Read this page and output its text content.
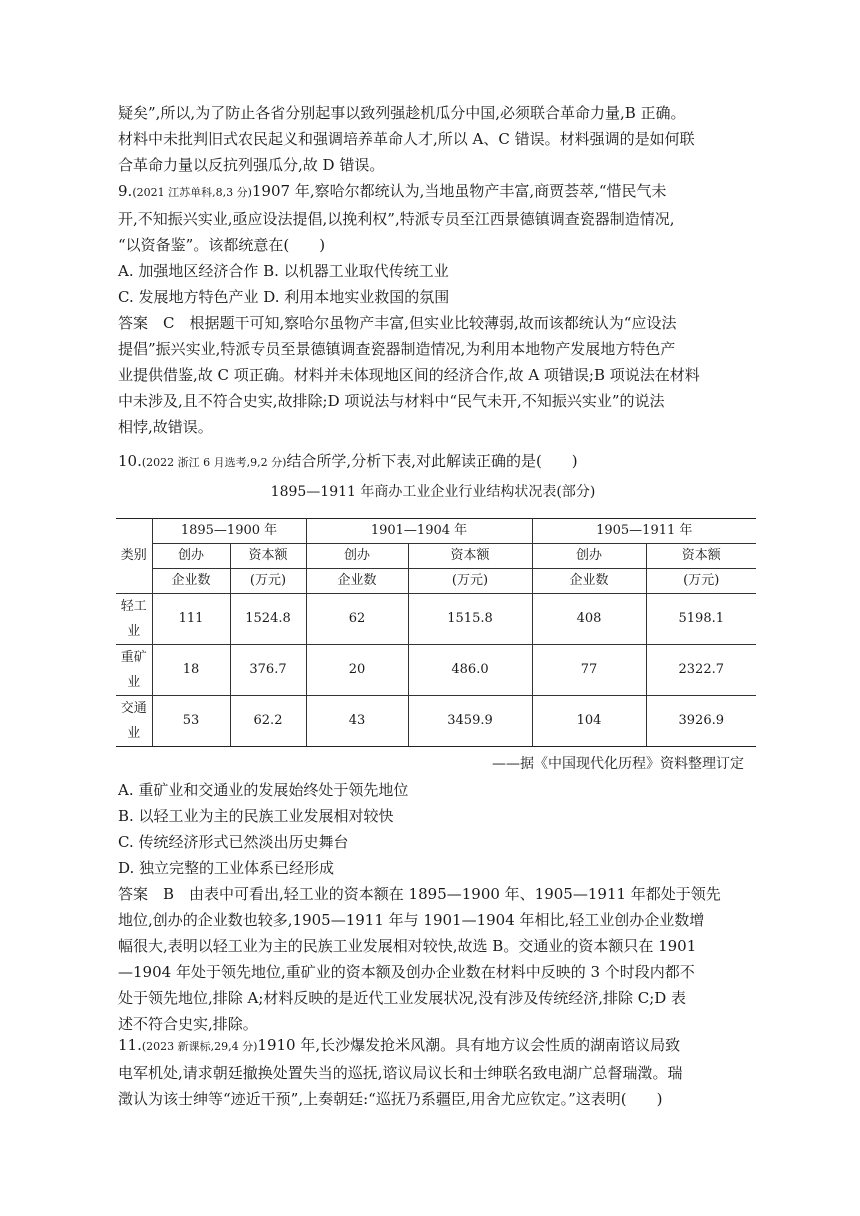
疑矣”,所以,为了防止各省分别起事以致列强趁机瓜分中国,必须联合革命力量,B 正确。

材料中未批判旧式农民起义和强调培养革命人才,所以 A、C 错误。材料强调的是如何联

合革命力量以反抗列强瓜分,故 D 错误。

9.(2021 江苏单科,8,3 分)1907 年,察哈尔都统认为,当地虽物产丰富,商贾荟萃,“惜民气未

开,不知振兴实业,亟应设法提倡,以挽利权”,特派专员至江西景德镇调查瓷器制造情况,

“以资备鉴”。该都统意在(　　)

A. 加强地区经济合作 B. 以机器工业取代传统工业

C. 发展地方特色产业 D. 利用本地实业救国的氛围

答案　C　根据题干可知,察哈尔虽物产丰富,但实业比较薄弱,故而该都统认为“应设法

提倡”振兴实业,特派专员至景德镇调查瓷器制造情况,为利用本地物产发展地方特色产

业提供借鉴,故 C 项正确。材料并未体现地区间的经济合作,故 A 项错误;B 项说法在材料

中未涉及,且不符合史实,故排除;D 项说法与材料中“民气未开,不知振兴实业”的说法

相悖,故错误。

10.(2022 浙江 6 月选考,9,2 分)结合所学,分析下表,对此解读正确的是(　　)

1895—1911 年商办工业企业行业结构状况表(部分)

类别	1895—1900 年		1901—1904 年		1905—1911 年	
	创办	资本额	创办	资本额	创办	资本额
	企业数	(万元)	企业数	(万元)	企业数	(万元)
轻工
业	111	1524.8	62	1515.8	408	5198.1
重矿
业	18	376.7	20	486.0	77	2322.7
交通
业	53	62.2	43	3459.9	104	3926.9

——据《中国现代化历程》资料整理订定

A. 重矿业和交通业的发展始终处于领先地位

B. 以轻工业为主的民族工业发展相对较快

C. 传统经济形式已然淡出历史舞台

D. 独立完整的工业体系已经形成

答案　B　由表中可看出,轻工业的资本额在 1895—1900 年、1905—1911 年都处于领先

地位,创办的企业数也较多,1905—1911 年与 1901—1904 年相比,轻工业创办企业数增

幅很大,表明以轻工业为主的民族工业发展相对较快,故选 B。交通业的资本额只在 1901

—1904 年处于领先地位,重矿业的资本额及创办企业数在材料中反映的 3 个时段内都不

处于领先地位,排除 A;材料反映的是近代工业发展状况,没有涉及传统经济,排除 C;D 表

述不符合史实,排除。

11.(2023 新课标,29,4 分)1910 年,长沙爆发抢米风潮。具有地方议会性质的湖南谘议局致

电军机处,请求朝廷撤换处置失当的巡抚,谘议局议长和士绅联名致电湖广总督瑞澂。瑞

澂认为该士绅等“迹近干预”,上奏朝廷:“巡抚乃系疆臣,用舍尤应钦定。”这表明(　　)
